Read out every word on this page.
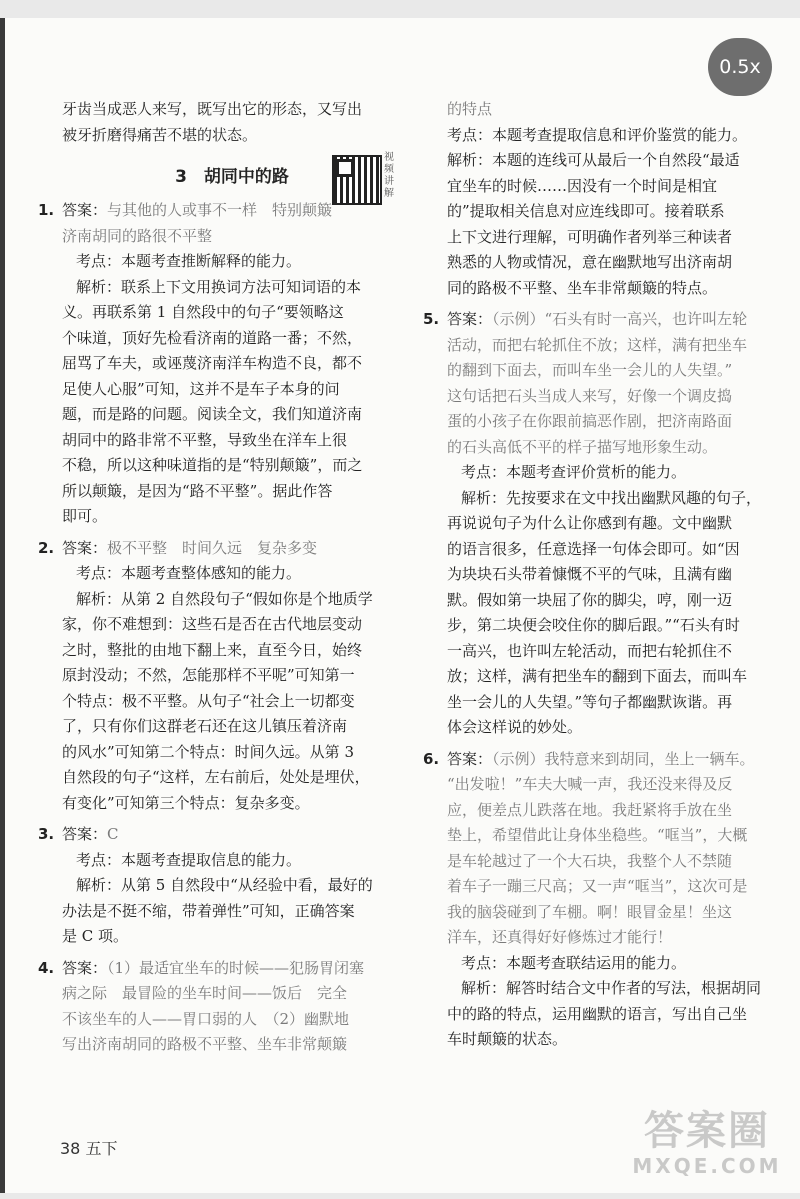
0.5x
视频讲解

牙齿当成恶人来写，既写出它的形态，又写出

被牙折磨得痛苦不堪的状态。

3　胡同中的路
1. 答案：与其他的人或事不一样　特别颠簸

济南胡同的路很不平整

考点：本题考查推断解释的能力。

解析：联系上下文用换词方法可知词语的本

义。再联系第 1 自然段中的句子“要领略这

个味道，顶好先检看济南的道路一番；不然，

屈骂了车夫，或诬蔑济南洋车构造不良，都不

足使人心服”可知，这并不是车子本身的问

题，而是路的问题。阅读全文，我们知道济南

胡同中的路非常不平整，导致坐在洋车上很

不稳，所以这种味道指的是“特别颠簸”，而之

所以颠簸，是因为“路不平整”。据此作答

即可。

2. 答案：极不平整　时间久远　复杂多变

考点：本题考查整体感知的能力。

解析：从第 2 自然段句子“假如你是个地质学

家，你不难想到：这些石是否在古代地层变动

之时，整批的由地下翻上来，直至今日，始终

原封没动；不然，怎能那样不平呢”可知第一

个特点：极不平整。从句子“社会上一切都变

了，只有你们这群老石还在这儿镇压着济南

的风水”可知第二个特点：时间久远。从第 3

自然段的句子“这样，左右前后，处处是埋伏，

有变化”可知第三个特点：复杂多变。

3. 答案：C

考点：本题考查提取信息的能力。

解析：从第 5 自然段中“从经验中看，最好的

办法是不挺不缩，带着弹性”可知，正确答案

是 C 项。

4. 答案：（1）最适宜坐车的时候——犯肠胃闭塞

病之际　最冒险的坐车时间——饭后　完全

不该坐车的人——胃口弱的人　（2）幽默地

写出济南胡同的路极不平整、坐车非常颠簸

的特点

考点：本题考查提取信息和评价鉴赏的能力。

解析：本题的连线可从最后一个自然段“最适

宜坐车的时候……因没有一个时间是相宜

的”提取相关信息对应连线即可。接着联系

上下文进行理解，可明确作者列举三种读者

熟悉的人物或情况，意在幽默地写出济南胡

同的路极不平整、坐车非常颠簸的特点。

5. 答案：（示例）“石头有时一高兴，也许叫左轮

活动，而把右轮抓住不放；这样，满有把坐车

的翻到下面去，而叫车坐一会儿的人失望。”

这句话把石头当成人来写，好像一个调皮捣

蛋的小孩子在你跟前搞恶作剧，把济南路面

的石头高低不平的样子描写地形象生动。

考点：本题考查评价赏析的能力。

解析：先按要求在文中找出幽默风趣的句子，

再说说句子为什么让你感到有趣。文中幽默

的语言很多，任意选择一句体会即可。如“因

为块块石头带着慷慨不平的气味，且满有幽

默。假如第一块屈了你的脚尖，哼，刚一迈

步，第二块便会咬住你的脚后跟。”“石头有时

一高兴，也许叫左轮活动，而把右轮抓住不

放；这样，满有把坐车的翻到下面去，而叫车

坐一会儿的人失望。”等句子都幽默诙谐。再

体会这样说的妙处。

6. 答案：（示例）我特意来到胡同，坐上一辆车。

“出发啦！”车夫大喊一声，我还没来得及反

应，便差点儿跌落在地。我赶紧将手放在坐

垫上，希望借此让身体坐稳些。“哐当”，大概

是车轮越过了一个大石块，我整个人不禁随

着车子一蹦三尺高；又一声“哐当”，这次可是

我的脑袋碰到了车棚。啊！眼冒金星！坐这

洋车，还真得好好修炼过才能行！

考点：本题考查联结运用的能力。

解析：解答时结合文中作者的写法，根据胡同

中的路的特点，运用幽默的语言，写出自己坐

车时颠簸的状态。

38 五下	答案圈
MXQE.COM
